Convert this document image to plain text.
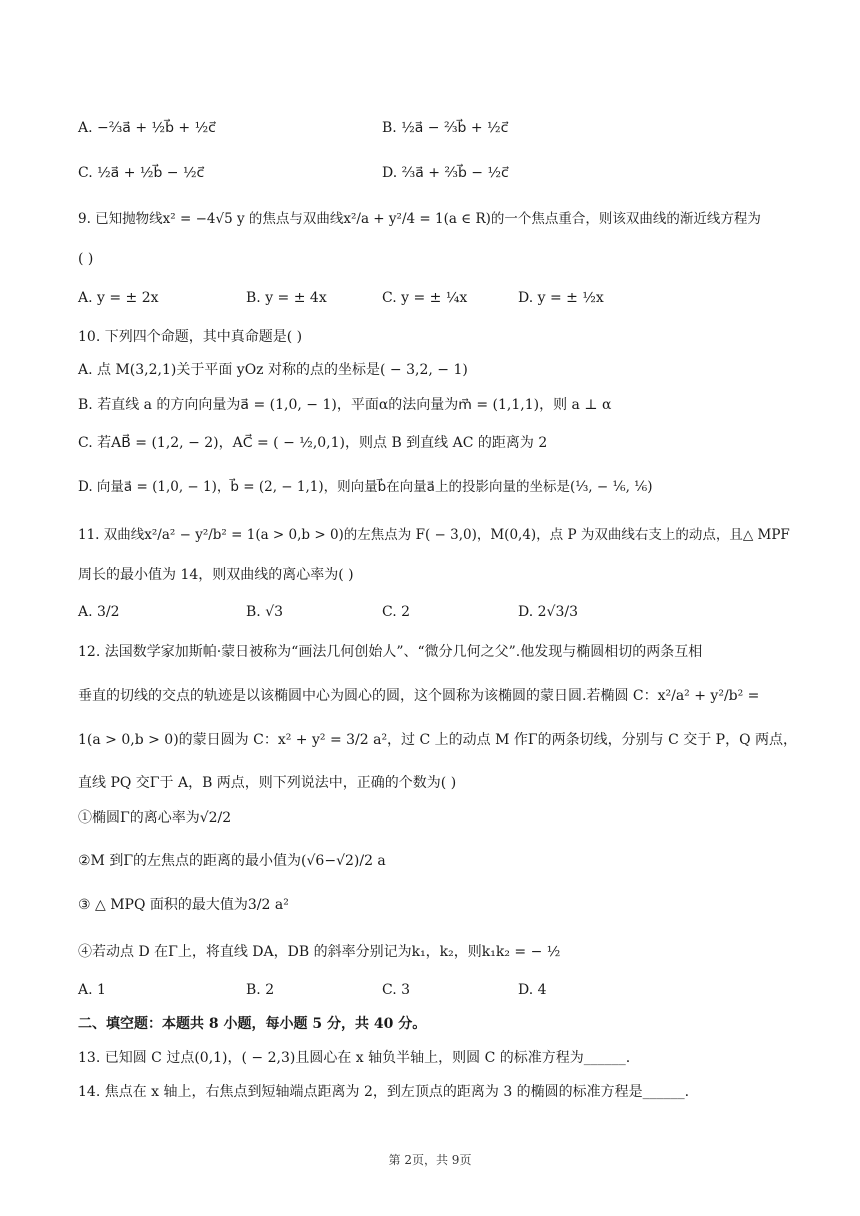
A. −⅔a⃗ + ½b⃗ + ½c⃗	B. ½a⃗ − ⅔b⃗ + ½c⃗
C. ½a⃗ + ½b⃗ − ½c⃗	D. ⅔a⃗ + ⅔b⃗ − ½c⃗
9. 已知抛物线x² = −4√5 y 的焦点与双曲线x²/a + y²/4 = 1(a ∈ R)的一个焦点重合，则该双曲线的渐近线方程为
( )
A. y = ± 2x	B. y = ± 4x	C. y = ± ¼x	D. y = ± ½x
10. 下列四个命题，其中真命题是( )
A. 点 M(3,2,1)关于平面 yOz 对称的点的坐标是( − 3,2, − 1)
B. 若直线 a 的方向向量为a⃗ = (1,0, − 1)，平面α的法向量为m⃗ = (1,1,1)，则 a ⊥ α
C. 若AB⃗ = (1,2, − 2)，AC⃗ = ( − ½,0,1)，则点 B 到直线 AC 的距离为 2
D. 向量a⃗ = (1,0, − 1)，b⃗ = (2, − 1,1)，则向量b⃗在向量a⃗上的投影向量的坐标是(⅓, − ⅙, ⅙)
11. 双曲线x²/a² − y²/b² = 1(a > 0,b > 0)的左焦点为 F( − 3,0)，M(0,4)，点 P 为双曲线右支上的动点，且△ MPF
周长的最小值为 14，则双曲线的离心率为( )
A. 3/2	B. √3	C. 2	D. 2√3/3
12. 法国数学家加斯帕·蒙日被称为“画法几何创始人”、“微分几何之父”.他发现与椭圆相切的两条互相
垂直的切线的交点的轨迹是以该椭圆中心为圆心的圆，这个圆称为该椭圆的蒙日圆.若椭圆 C：x²/a² + y²/b² =
1(a > 0,b > 0)的蒙日圆为 C：x² + y² = 3/2 a²，过 C 上的动点 M 作Γ的两条切线，分别与 C 交于 P，Q 两点，
直线 PQ 交Γ于 A，B 两点，则下列说法中，正确的个数为( )
①椭圆Γ的离心率为√2/2
②M 到Γ的左焦点的距离的最小值为(√6−√2)/2 a
③ △ MPQ 面积的最大值为3/2 a²
④若动点 D 在Γ上，将直线 DA，DB 的斜率分别记为k₁，k₂，则k₁k₂ = − ½
A. 1	B. 2	C. 3	D. 4
二、填空题：本题共 8 小题，每小题 5 分，共 40 分。
13. 已知圆 C 过点(0,1)，( − 2,3)且圆心在 x 轴负半轴上，则圆 C 的标准方程为______.
14. 焦点在 x 轴上，右焦点到短轴端点距离为 2，到左顶点的距离为 3 的椭圆的标准方程是______.
第 2页，共 9页
